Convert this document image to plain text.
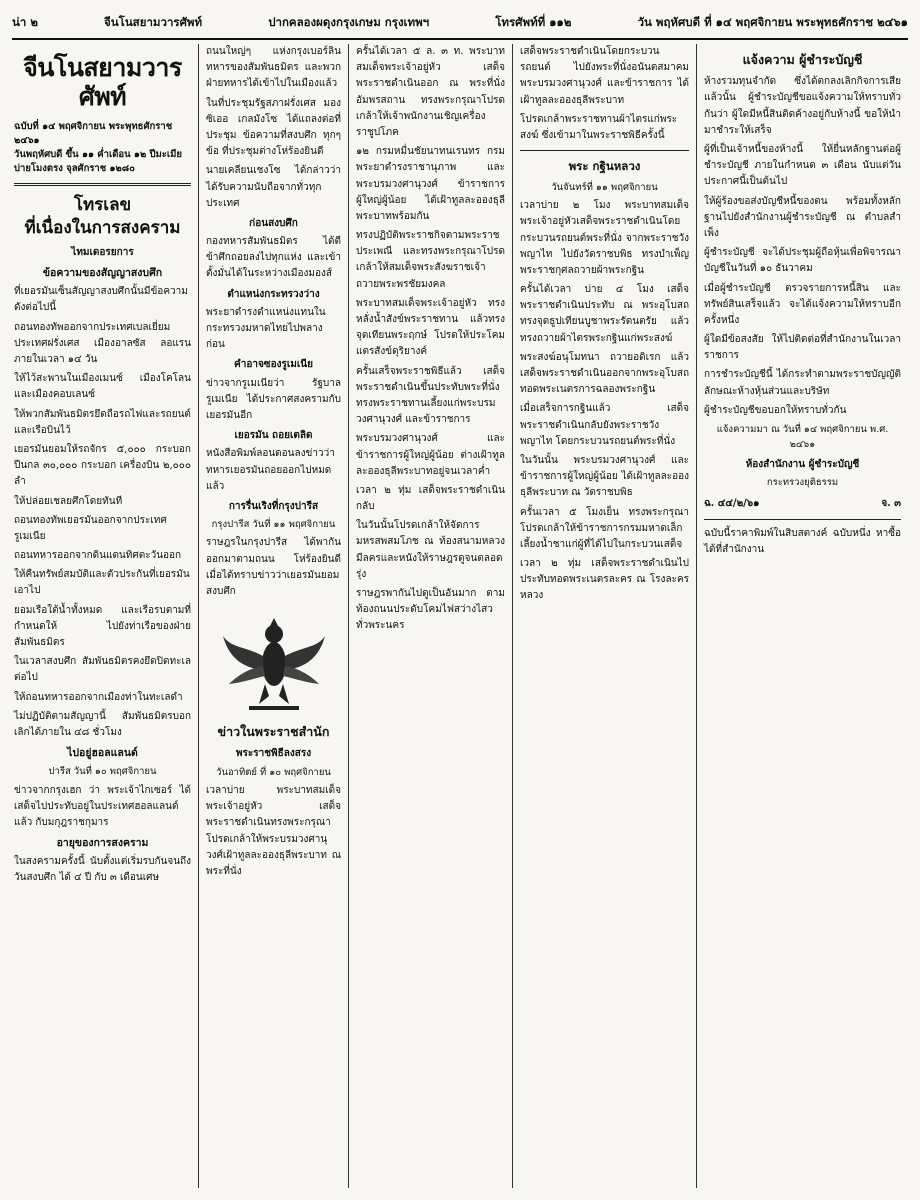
น่า ๒	จีนโนสยามวารศัพท์	ปากคลองผดุงกรุงเกษม กรุงเทพฯ	โทรศัพท์ที่ ๑๑๒	วัน พฤหัศบดี ที่ ๑๔ พฤศจิกายน พระพุทธศักราช ๒๔๖๑
จีนโนสยามวารศัพท์
ฉบับที่ ๑๔ พฤศจิกายน พระพุทธศักราช ๒๔๖๑
วันพฤหัศบดี ขึ้น ๑๑ ค่ำเดือน ๑๒ ปีมะเมีย
บ่ายโมงตรง จุลศักราช ๑๒๘๐
โทรเลข
ที่เนื่องในการสงคราม
ไทมเดอรยการ
ข้อความของสัญญาสงบศึก

ที่เยอรมันเซ็นสัญญาสงบศึกนั้นมีข้อความดังต่อไปนี้

ถอนทองทัพออกจากประเทศเบลเยี่ยม ประเทศฝรั่งเศส เมืองอาลซัส ลอแรน ภายในเวลา ๑๔ วัน

ให้ไว้สะพานในเมืองเมนซ์ เมืองโคโลน และเมืองคอบเลนซ์

ให้พวกสัมพันธมิตรยึดถือรถไฟและรถยนต์ และเรือบินไว้

เยอรมันยอมให้รถจักร ๕,๐๐๐ กระบอก ปืนกล ๓๐,๐๐๐ กระบอก เครื่องบิน ๒,๐๐๐ ลำ

ให้ปล่อยเชลยศึกโดยทันที

ถอนทองทัพเยอรมันออกจากประเทศรูเมเนีย

ถอนทหารออกจากดินแดนทิศตะวันออก

ให้คืนทรัพย์สมบัติและตัวประกันที่เยอรมันเอาไป

ยอมเรือใต้น้ำทั้งหมด และเรือรบตามที่กำหนดให้ ไปยังท่าเรือของฝ่ายสัมพันธมิตร

ในเวลาสงบศึก สัมพันธมิตรคงยึดปิดทะเลต่อไป

ให้ถอนทหารออกจากเมืองท่าในทะเลดำ

ไม่ปฏิบัติตามสัญญานี้ สัมพันธมิตรบอกเลิกได้ภายใน ๔๘ ชั่วโมง

ไปอยู่ฮอลแลนด์
ปารีส วันที่ ๑๐ พฤศจิกายน

ข่าวจากกรุงเฮก ว่า พระเจ้าไกเซอร์ ได้เสด็จไปประทับอยู่ในประเทศฮอลแลนด์แล้ว กับมกุฎราชกุมาร

อายุของการสงคราม

ในสงครามครั้งนี้ นับตั้งแต่เริ่มรบกันจนถึงวันสงบศึก ได้ ๔ ปี กับ ๓ เดือนเศษ

ถนนใหญ่ๆ แห่งกรุงเบอร์ลิน ทหารของสัมพันธมิตร และพวกฝ่ายทหารได้เข้าไปในเมืองแล้ว

ในที่ประชุมรัฐสภาฝรั่งเศส มองซิเออ เกลมังโซ ได้แถลงต่อที่ประชุม ข้อความที่สงบศึก ทุกๆ ข้อ ที่ประชุมต่างโห่ร้องยินดี

นายเคลียนเชงโซ ได้กล่าวว่า ได้รับความนับถือจากทั่วทุกประเทศ

ก่อนสงบศึก

กองทหารสัมพันธมิตร ได้ตีข้าศึกถอยลงไปทุกแห่ง และเข้าตั้งมั่นได้ในระหว่างเมืองมองส์

ตำแหน่งกระทรวงว่าง

พระยาดำรงดำแหน่งแทนในกระทรวงมหาดไทยไปพลางก่อน

คำอาจซองรูเมเนีย

ข่าวจากรูเมเนียว่า รัฐบาลรูเมเนีย ได้ประกาศสงครามกับเยอรมันอีก

เยอรมัน ถอยเตลิด

หนังสือพิมพ์ลอนดอนลงข่าวว่า ทหารเยอรมันถอยออกไปหมดแล้ว

การรื่นเริงที่กรุงปารีส
กรุงปารีส วันที่ ๑๑ พฤศจิกายน

ราษฎรในกรุงปารีส ได้พากันออกมาตามถนน โห่ร้องยินดีเมื่อได้ทราบข่าวว่าเยอรมันยอมสงบศึก

ข่าวในพระราชสำนัก
พระราชพิธีลงสรง
วันอาทิตย์ ที่ ๑๐ พฤศจิกายน

เวลาบ่าย พระบาทสมเด็จพระเจ้าอยู่หัว เสด็จพระราชดำเนินทรงพระกรุณาโปรดเกล้าให้พระบรมวงศานุวงศ์เฝ้าทูลละอองธุลีพระบาท ณ พระที่นั่ง

ครั้นได้เวลา ๕ ล. ๓ ท. พระบาทสมเด็จพระเจ้าอยู่หัว เสด็จพระราชดำเนินออก ณ พระที่นั่งอัมพรสถาน ทรงพระกรุณาโปรดเกล้าให้เจ้าพนักงานเชิญเครื่องราชูปโภค

๑๒ กรมหมื่นชัยนาทนเรนทร กรมพระยาดำรงราชานุภาพ และพระบรมวงศานุวงศ์ ข้าราชการผู้ใหญ่ผู้น้อย ได้เฝ้าทูลละอองธุลีพระบาทพร้อมกัน

ทรงปฏิบัติพระราชกิจตามพระราชประเพณี และทรงพระกรุณาโปรดเกล้าให้สมเด็จพระสังฆราชเจ้า ถวายพระพรชัยมงคล

พระบาทสมเด็จพระเจ้าอยู่หัว ทรงหลั่งน้ำสังข์พระราชทาน แล้วทรงจุดเทียนพระฤกษ์ โปรดให้ประโคมแตรสังข์ดุริยางค์

ครั้นเสร็จพระราชพิธีแล้ว เสด็จพระราชดำเนินขึ้นประทับพระที่นั่ง ทรงพระราชทานเลี้ยงแก่พระบรมวงศานุวงศ์ และข้าราชการ

พระบรมวงศานุวงศ์ และข้าราชการผู้ใหญ่ผู้น้อย ต่างเฝ้าทูลละอองธุลีพระบาทอยู่จนเวลาค่ำ

เวลา ๒ ทุ่ม เสด็จพระราชดำเนินกลับ

ในวันนั้นโปรดเกล้าให้จัดการมหรสพสมโภช ณ ท้องสนามหลวง มีลครและหนังให้ราษฎรดูจนตลอดรุ่ง

ราษฎรพากันไปดูเป็นอันมาก ตามท้องถนนประดับโคมไฟสว่างไสวทั่วพระนคร

เสด็จพระราชดำเนินโดยกระบวนรถยนต์ ไปยังพระที่นั่งอนันตสมาคม พระบรมวงศานุวงศ์ และข้าราชการ ได้เฝ้าทูลละอองธุลีพระบาท

โปรดเกล้าพระราชทานผ้าไตรแก่พระสงฆ์ ซึ่งเข้ามาในพระราชพิธีครั้งนี้

พระ กฐินหลวง
วันจันทร์ที่ ๑๑ พฤศจิกายน

เวลาบ่าย ๒ โมง พระบาทสมเด็จพระเจ้าอยู่หัวเสด็จพระราชดำเนินโดยกระบวนรถยนต์พระที่นั่ง จากพระราชวังพญาไท ไปยังวัดราชบพิธ ทรงบำเพ็ญพระราชกุศลถวายผ้าพระกฐิน

ครั้นได้เวลา บ่าย ๔ โมง เสด็จพระราชดำเนินประทับ ณ พระอุโบสถ ทรงจุดธูปเทียนบูชาพระรัตนตรัย แล้วทรงถวายผ้าไตรพระกฐินแก่พระสงฆ์

พระสงฆ์อนุโมทนา ถวายอดิเรก แล้วเสด็จพระราชดำเนินออกจากพระอุโบสถ ทอดพระเนตรการฉลองพระกฐิน

เมื่อเสร็จการกฐินแล้ว เสด็จพระราชดำเนินกลับยังพระราชวังพญาไท โดยกระบวนรถยนต์พระที่นั่ง

ในวันนั้น พระบรมวงศานุวงศ์ และข้าราชการผู้ใหญ่ผู้น้อย ได้เฝ้าทูลละอองธุลีพระบาท ณ วัดราชบพิธ

ครั้นเวลา ๕ โมงเย็น ทรงพระกรุณาโปรดเกล้าให้ข้าราชการกรมมหาดเล็ก เลี้ยงน้ำชาแก่ผู้ที่ได้ไปในกระบวนเสด็จ

เวลา ๒ ทุ่ม เสด็จพระราชดำเนินไปประทับทอดพระเนตรละคร ณ โรงละครหลวง

แจ้งความ ผู้ชำระบัญชี

ห้างรวมทุนจำกัด ซึ่งได้ตกลงเลิกกิจการเสียแล้วนั้น ผู้ชำระบัญชีขอแจ้งความให้ทราบทั่วกันว่า ผู้ใดมีหนี้สินติดค้างอยู่กับห้างนี้ ขอให้นำมาชำระให้เสร็จ

ผู้ที่เป็นเจ้าหนี้ของห้างนี้ ให้ยื่นหลักฐานต่อผู้ชำระบัญชี ภายในกำหนด ๓ เดือน นับแต่วันประกาศนี้เป็นต้นไป

ให้ผู้ร้องขอส่งบัญชีหนี้ของตน พร้อมทั้งหลักฐานไปยังสำนักงานผู้ชำระบัญชี ณ ตำบลสำเพ็ง

ผู้ชำระบัญชี จะได้ประชุมผู้ถือหุ้นเพื่อพิจารณาบัญชีในวันที่ ๑๐ ธันวาคม

เมื่อผู้ชำระบัญชี ตรวจรายการหนี้สิน และทรัพย์สินเสร็จแล้ว จะได้แจ้งความให้ทราบอีกครั้งหนึ่ง

ผู้ใดมีข้อสงสัย ให้ไปติดต่อที่สำนักงานในเวลาราชการ

การชำระบัญชีนี้ ได้กระทำตามพระราชบัญญัติลักษณะห้างหุ้นส่วนและบริษัท

ผู้ชำระบัญชีขอบอกให้ทราบทั่วกัน

แจ้งความมา ณ วันที่ ๑๔ พฤศจิกายน พ.ศ. ๒๔๖๑
ห้องสำนักงาน ผู้ชำระบัญชี
กระทรวงยุติธรรม
ฉ. ๔๔/๒/๖๑	จ. ๓

ฉบับนี้ราคาพิมพ์ในสิบสตางค์ ฉบับหนึ่ง หาซื้อได้ที่สำนักงาน
